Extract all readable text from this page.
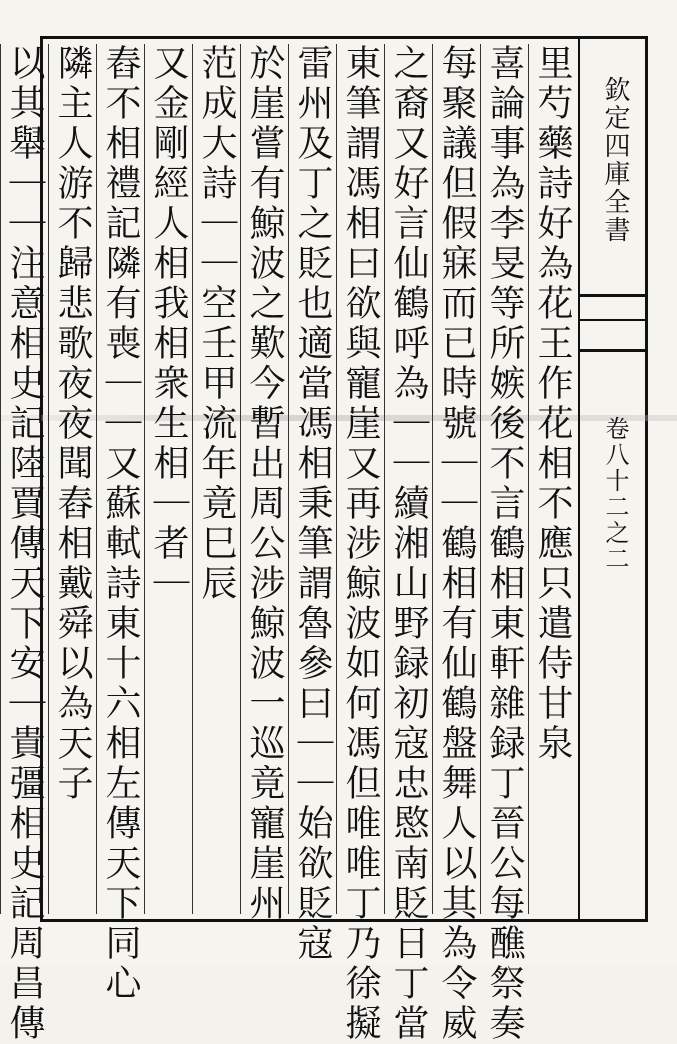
欽定四庫全書
卷八十二之二
里芍藥詩好為花王作花相不應只遣侍甘泉
喜論事為李旻等所嫉後不言鶴相東軒雜録丁晉公每醮祭奏
每聚議但假寐而已時號｜｜鶴相有仙鶴盤舞人以其為令威
之裔又好言仙鶴呼為｜｜續湘山野録初寇忠愍南貶日丁當
東筆謂馮相曰欲與寵崖又再涉鯨波如何馮但唯唯丁乃徐擬
雷州及丁之貶也適當馮相秉筆謂魯參曰｜｜始欲貶寇
於崖嘗有鯨波之歎今暫出周公涉鯨波一巡竟寵崖州
范成大詩｜｜空壬甲流年竟巳辰
又金剛經人相我相衆生相｜者｜
舂不相禮記隣有喪｜｜又蘇軾詩東十六相左傳天下同心
隣主人游不歸悲歌夜夜聞舂相戴舜以為天子
以其舉｜｜注意相史記陸賈傳天下安｜貴彊相史記周昌傳
